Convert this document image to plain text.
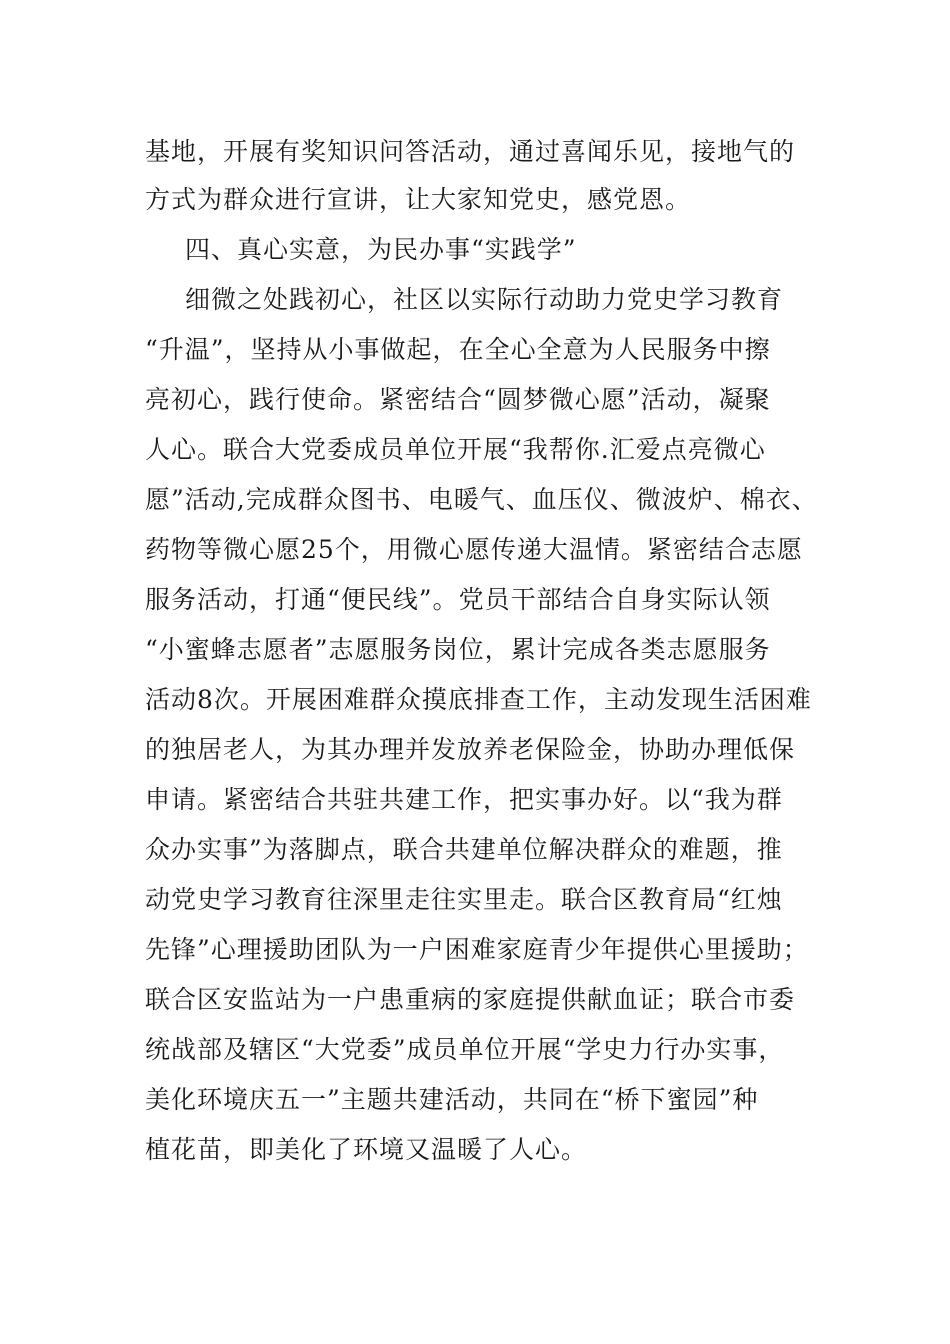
基地，开展有奖知识问答活动，通过喜闻乐见，接地气的

方式为群众进行宣讲，让大家知党史，感党恩。

四、真心实意，为民办事“实践学”

细微之处践初心，社区以实际行动助力党史学习教育

“升温”，坚持从小事做起，在全心全意为人民服务中擦

亮初心，践行使命。紧密结合“圆梦微心愿”活动，凝聚

人心。联合大党委成员单位开展“我帮你.汇爱点亮微心

愿”活动,完成群众图书、电暖气、血压仪、微波炉、棉衣、

药物等微心愿25个，用微心愿传递大温情。紧密结合志愿

服务活动，打通“便民线”。党员干部结合自身实际认领

“小蜜蜂志愿者”志愿服务岗位，累计完成各类志愿服务

活动8次。开展困难群众摸底排查工作，主动发现生活困难

的独居老人，为其办理并发放养老保险金，协助办理低保

申请。紧密结合共驻共建工作，把实事办好。以“我为群

众办实事”为落脚点，联合共建单位解决群众的难题，推

动党史学习教育往深里走往实里走。联合区教育局“红烛

先锋”心理援助团队为一户困难家庭青少年提供心里援助；

联合区安监站为一户患重病的家庭提供献血证；联合市委

统战部及辖区“大党委”成员单位开展“学史力行办实事，

美化环境庆五一”主题共建活动，共同在“桥下蜜园”种

植花苗，即美化了环境又温暖了人心。
